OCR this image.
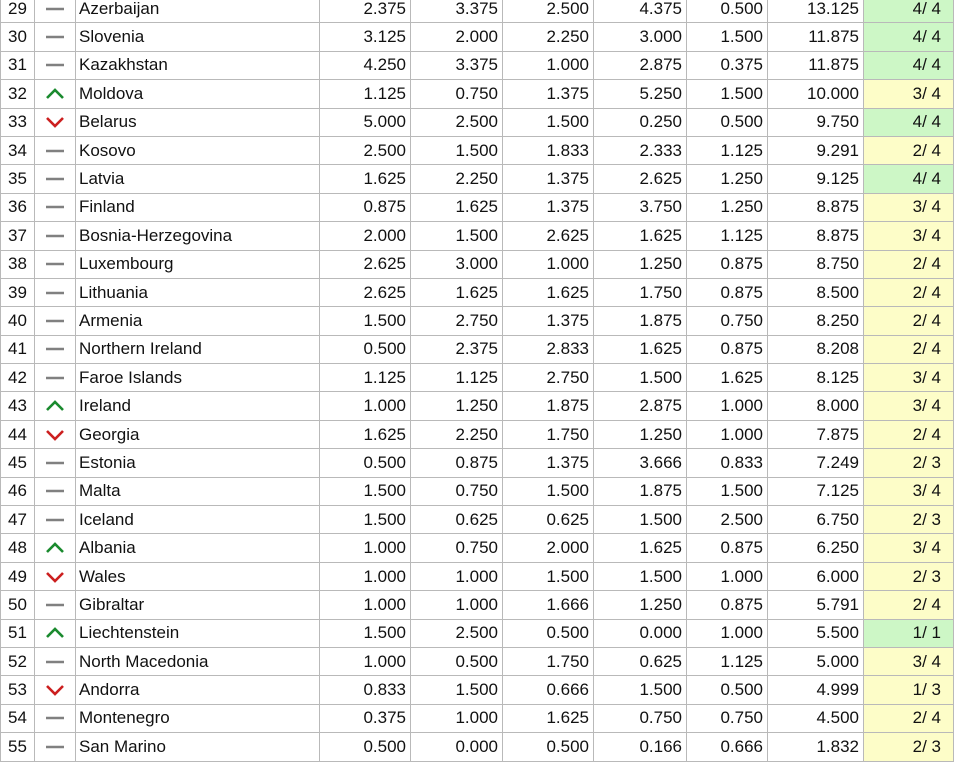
29		Azerbaijan	2.375	3.375	2.500	4.375	0.500	13.125	4/ 4
30		Slovenia	3.125	2.000	2.250	3.000	1.500	11.875	4/ 4
31		Kazakhstan	4.250	3.375	1.000	2.875	0.375	11.875	4/ 4
32		Moldova	1.125	0.750	1.375	5.250	1.500	10.000	3/ 4
33		Belarus	5.000	2.500	1.500	0.250	0.500	9.750	4/ 4
34		Kosovo	2.500	1.500	1.833	2.333	1.125	9.291	2/ 4
35		Latvia	1.625	2.250	1.375	2.625	1.250	9.125	4/ 4
36		Finland	0.875	1.625	1.375	3.750	1.250	8.875	3/ 4
37		Bosnia-Herzegovina	2.000	1.500	2.625	1.625	1.125	8.875	3/ 4
38		Luxembourg	2.625	3.000	1.000	1.250	0.875	8.750	2/ 4
39		Lithuania	2.625	1.625	1.625	1.750	0.875	8.500	2/ 4
40		Armenia	1.500	2.750	1.375	1.875	0.750	8.250	2/ 4
41		Northern Ireland	0.500	2.375	2.833	1.625	0.875	8.208	2/ 4
42		Faroe Islands	1.125	1.125	2.750	1.500	1.625	8.125	3/ 4
43		Ireland	1.000	1.250	1.875	2.875	1.000	8.000	3/ 4
44		Georgia	1.625	2.250	1.750	1.250	1.000	7.875	2/ 4
45		Estonia	0.500	0.875	1.375	3.666	0.833	7.249	2/ 3
46		Malta	1.500	0.750	1.500	1.875	1.500	7.125	3/ 4
47		Iceland	1.500	0.625	0.625	1.500	2.500	6.750	2/ 3
48		Albania	1.000	0.750	2.000	1.625	0.875	6.250	3/ 4
49		Wales	1.000	1.000	1.500	1.500	1.000	6.000	2/ 3
50		Gibraltar	1.000	1.000	1.666	1.250	0.875	5.791	2/ 4
51		Liechtenstein	1.500	2.500	0.500	0.000	1.000	5.500	1/ 1
52		North Macedonia	1.000	0.500	1.750	0.625	1.125	5.000	3/ 4
53		Andorra	0.833	1.500	0.666	1.500	0.500	4.999	1/ 3
54		Montenegro	0.375	1.000	1.625	0.750	0.750	4.500	2/ 4
55		San Marino	0.500	0.000	0.500	0.166	0.666	1.832	2/ 3
